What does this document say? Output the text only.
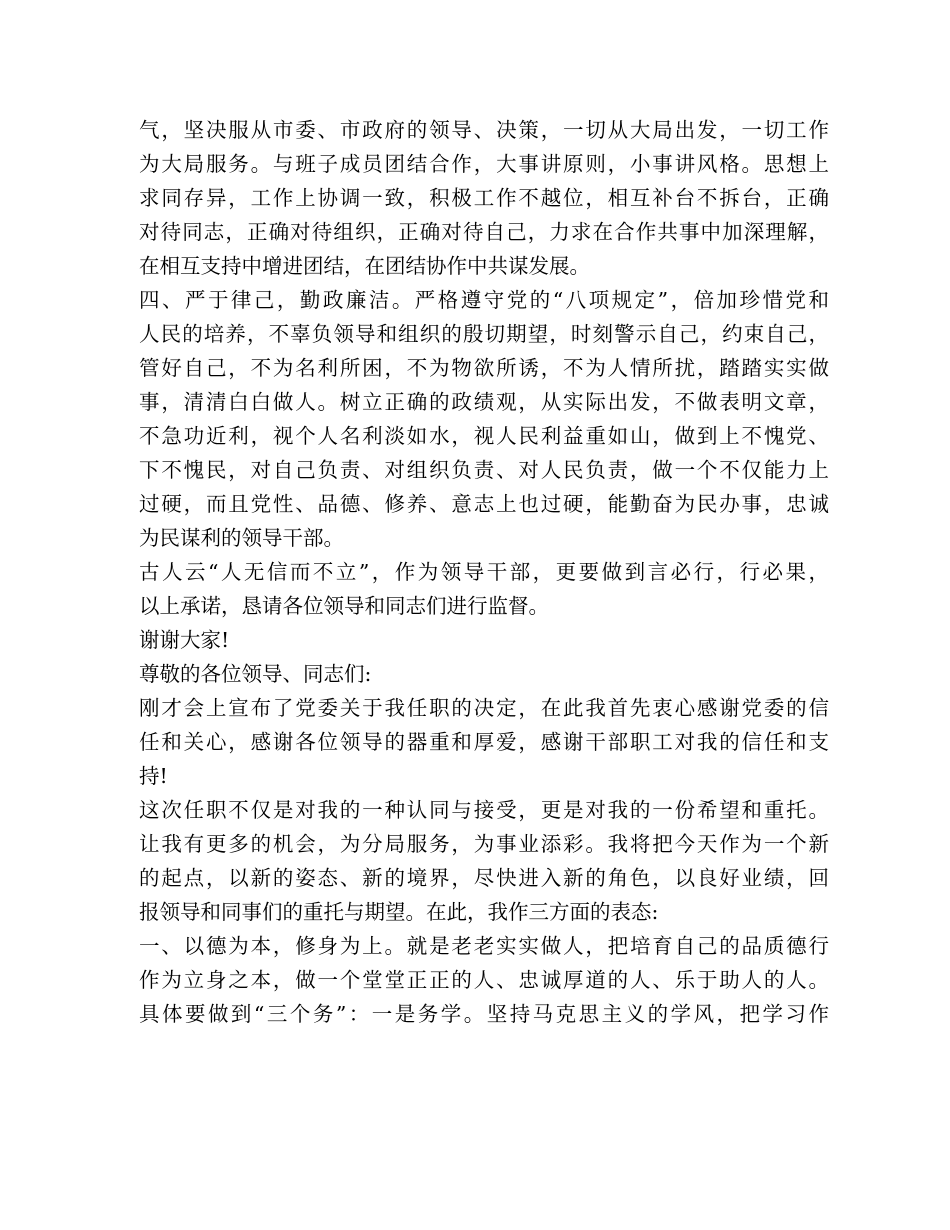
气，坚决服从市委、市政府的领导、决策，一切从大局出发，一切工作
为大局服务。与班子成员团结合作，大事讲原则，小事讲风格。思想上
求同存异，工作上协调一致，积极工作不越位，相互补台不拆台，正确
对待同志，正确对待组织，正确对待自己，力求在合作共事中加深理解，
在相互支持中增进团结，在团结协作中共谋发展。
四、严于律己，勤政廉洁。严格遵守党的“八项规定”，倍加珍惜党和
人民的培养，不辜负领导和组织的殷切期望，时刻警示自己，约束自己，
管好自己，不为名利所困，不为物欲所诱，不为人情所扰，踏踏实实做
事，清清白白做人。树立正确的政绩观，从实际出发，不做表明文章，
不急功近利，视个人名利淡如水，视人民利益重如山，做到上不愧党、
下不愧民，对自己负责、对组织负责、对人民负责，做一个不仅能力上
过硬，而且党性、品德、修养、意志上也过硬，能勤奋为民办事，忠诚
为民谋利的领导干部。
古人云“人无信而不立”，作为领导干部，更要做到言必行，行必果，
以上承诺，恳请各位领导和同志们进行监督。
谢谢大家!
尊敬的各位领导、同志们:
刚才会上宣布了党委关于我任职的决定，在此我首先衷心感谢党委的信
任和关心，感谢各位领导的器重和厚爱，感谢干部职工对我的信任和支
持!
这次任职不仅是对我的一种认同与接受，更是对我的一份希望和重托。
让我有更多的机会，为分局服务，为事业添彩。我将把今天作为一个新
的起点，以新的姿态、新的境界，尽快进入新的角色，以良好业绩，回
报领导和同事们的重托与期望。在此，我作三方面的表态:
一、以德为本，修身为上。就是老老实实做人，把培育自己的品质德行
作为立身之本，做一个堂堂正正的人、忠诚厚道的人、乐于助人的人。
具体要做到“三个务”：一是务学。坚持马克思主义的学风，把学习作
